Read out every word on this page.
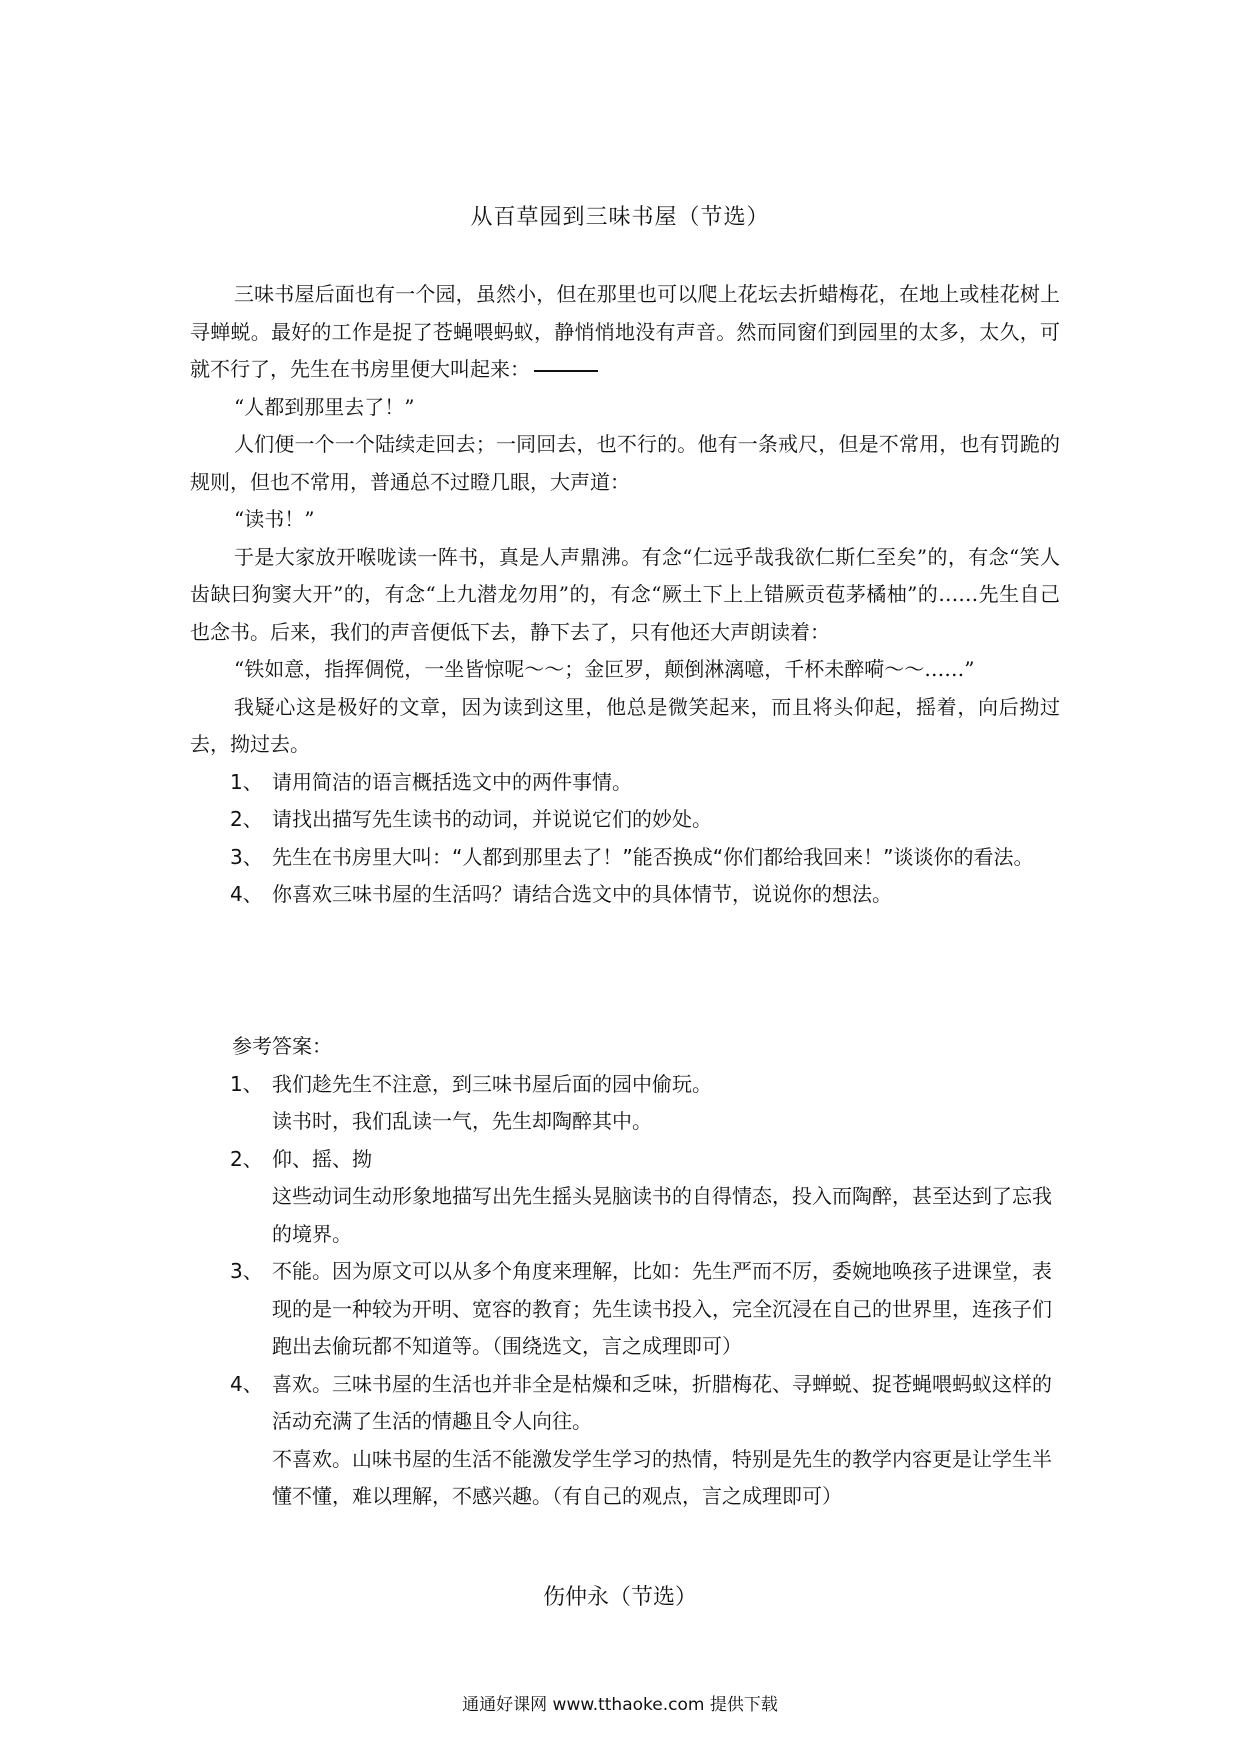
从百草园到三味书屋（节选）

三味书屋后面也有一个园，虽然小，但在那里也可以爬上花坛去折蜡梅花，在地上或桂花树上寻蝉蜕。最好的工作是捉了苍蝇喂蚂蚁，静悄悄地没有声音。然而同窗们到园里的太多，太久，可就不行了，先生在书房里便大叫起来：

“人都到那里去了！”

人们便一个一个陆续走回去；一同回去，也不行的。他有一条戒尺，但是不常用，也有罚跪的规则，但也不常用，普通总不过瞪几眼，大声道：

“读书！”

于是大家放开喉咙读一阵书，真是人声鼎沸。有念“仁远乎哉我欲仁斯仁至矣”的，有念“笑人齿缺曰狗窦大开”的，有念“上九潜龙勿用”的，有念“厥土下上上错厥贡苞茅橘柚”的……先生自己也念书。后来，我们的声音便低下去，静下去了，只有他还大声朗读着：

“铁如意，指挥倜傥，一坐皆惊呢～～；金叵罗，颠倒淋漓噫，千杯未醉嗬～～……”

我疑心这是极好的文章，因为读到这里，他总是微笑起来，而且将头仰起，摇着，向后拗过去，拗过去。

1、 请用简洁的语言概括选文中的两件事情。

2、 请找出描写先生读书的动词，并说说它们的妙处。

3、 先生在书房里大叫：“人都到那里去了！”能否换成“你们都给我回来！”谈谈你的看法。

4、 你喜欢三味书屋的生活吗？请结合选文中的具体情节，说说你的想法。

参考答案：

1、 我们趁先生不注意，到三味书屋后面的园中偷玩。

读书时，我们乱读一气，先生却陶醉其中。

2、 仰、摇、拗

这些动词生动形象地描写出先生摇头晃脑读书的自得情态，投入而陶醉，甚至达到了忘我的境界。

3、 不能。因为原文可以从多个角度来理解，比如：先生严而不厉，委婉地唤孩子进课堂，表现的是一种较为开明、宽容的教育；先生读书投入，完全沉浸在自己的世界里，连孩子们跑出去偷玩都不知道等。（围绕选文，言之成理即可）

4、 喜欢。三味书屋的生活也并非全是枯燥和乏味，折腊梅花、寻蝉蜕、捉苍蝇喂蚂蚁这样的活动充满了生活的情趣且令人向往。

不喜欢。山味书屋的生活不能激发学生学习的热情，特别是先生的教学内容更是让学生半懂不懂，难以理解，不感兴趣。（有自己的观点，言之成理即可）

伤仲永（节选）
通通好课网 www.tthaoke.com 提供下载
